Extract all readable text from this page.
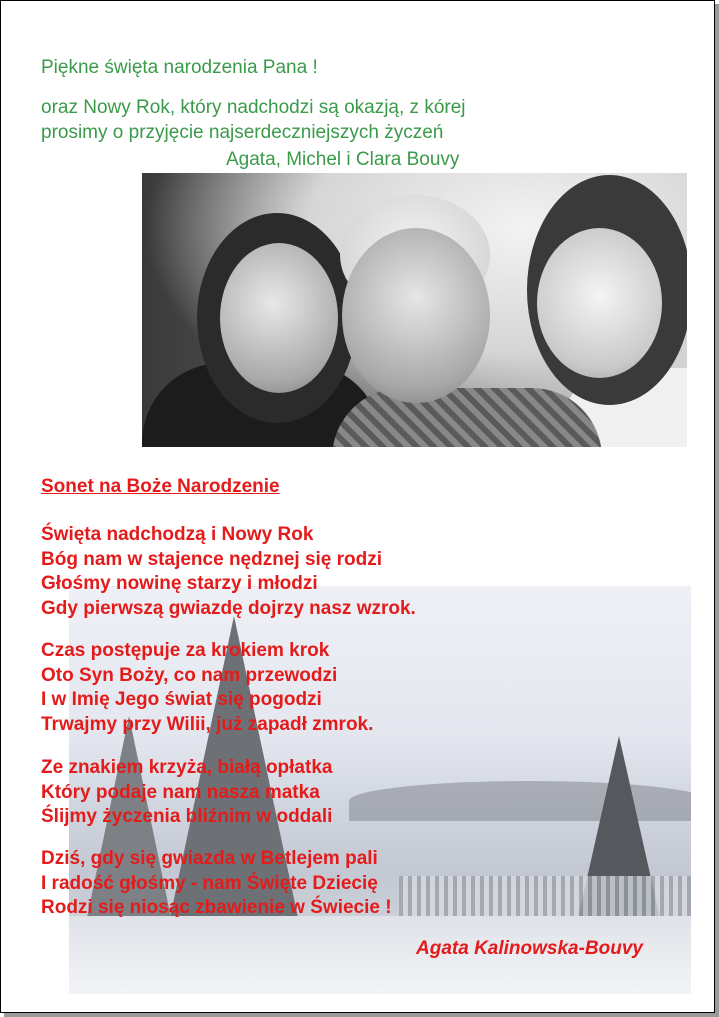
Piękne święta narodzenia Pana !
oraz Nowy Rok, który nadchodzi są okazją, z kórej
prosimy o przyjęcie najserdeczniejszych życzeń
Agata, Michel i Clara Bouvy
Sonet na Boże Narodzenie
Święta nadchodzą i Nowy Rok
Bóg nam w stajence nędznej się rodzi
Głośmy nowinę starzy i młodzi
Gdy pierwszą gwiazdę dojrzy nasz wzrok.
Czas postępuje za krokiem krok
Oto Syn Boży, co nam przewodzi
I w Imię Jego świat się pogodzi
Trwajmy przy Wilii, już zapadł zmrok.
Ze znakiem krzyża, białą opłatka
Który podaje nam nasza matka
Ślijmy życzenia bliźnim w oddali
Dziś, gdy się gwiazda w Betlejem pali
I radość głośmy - nam Święte Dziecię
Rodzi się niosąc zbawienie w Świecie !
Agata Kalinowska-Bouvy
